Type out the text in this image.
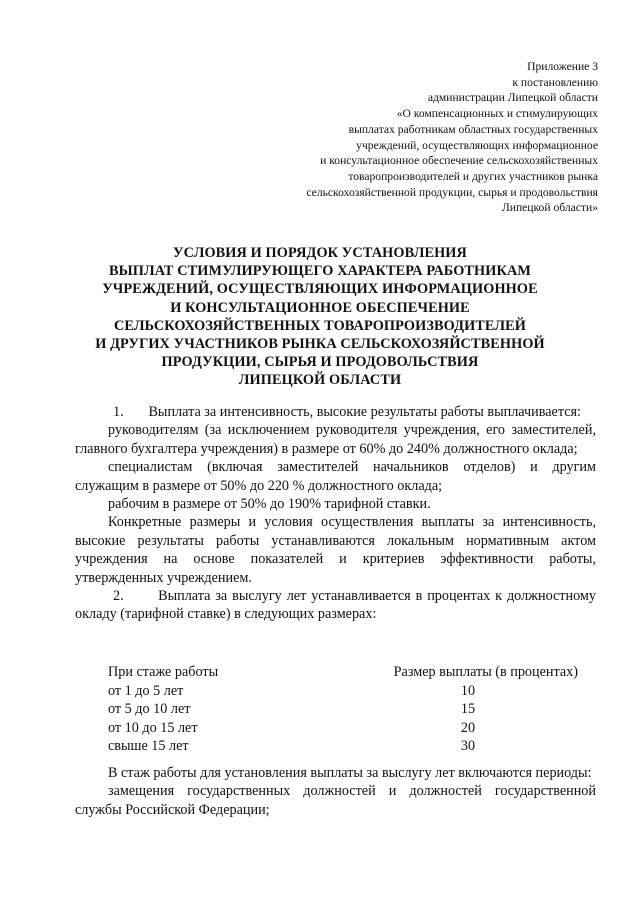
Приложение 3
к постановлению
администрации Липецкой области
«О компенсационных и стимулирующих
выплатах работникам областных государственных
учреждений, осуществляющих информационное
и консультационное обеспечение сельскохозяйственных
товаропроизводителей и других участников рынка
сельскохозяйственной продукции, сырья и продовольствия
Липецкой области»
УСЛОВИЯ И ПОРЯДОК УСТАНОВЛЕНИЯ
ВЫПЛАТ СТИМУЛИРУЮЩЕГО ХАРАКТЕРА РАБОТНИКАМ
УЧРЕЖДЕНИЙ, ОСУЩЕСТВЛЯЮЩИХ ИНФОРМАЦИОННОЕ
И КОНСУЛЬТАЦИОННОЕ ОБЕСПЕЧЕНИЕ
СЕЛЬСКОХОЗЯЙСТВЕННЫХ ТОВАРОПРОИЗВОДИТЕЛЕЙ
И ДРУГИХ УЧАСТНИКОВ РЫНКА СЕЛЬСКОХОЗЯЙСТВЕННОЙ
ПРОДУКЦИИ, СЫРЬЯ И ПРОДОВОЛЬСТВИЯ
ЛИПЕЦКОЙ ОБЛАСТИ

1.       Выплата за интенсивность, высокие результаты работы выплачивается:

руководителям (за исключением руководителя учреждения, его заместителей, главного бухгалтера учреждения) в размере от 60% до 240% должностного оклада;

специалистам (включая заместителей начальников отделов) и другим служащим в размере от 50% до 220 % должностного оклада;

рабочим в размере от 50% до 190% тарифной ставки.

Конкретные размеры и условия осуществления выплаты за интенсивность, высокие результаты работы устанавливаются локальным нормативным актом учреждения на основе показателей и критериев эффективности работы, утвержденных учреждением.

2.       Выплата за выслугу лет устанавливается в процентах к должностному окладу (тарифной ставке) в следующих размерах:

При стаже работы	Размер выплаты (в процентах)
от 1 до 5 лет	10
от 5 до 10 лет	15
от 10 до 15 лет	20
свыше 15 лет	30

В стаж работы для установления выплаты за выслугу лет включаются периоды:

замещения государственных должностей и должностей государственной службы Российской Федерации;
